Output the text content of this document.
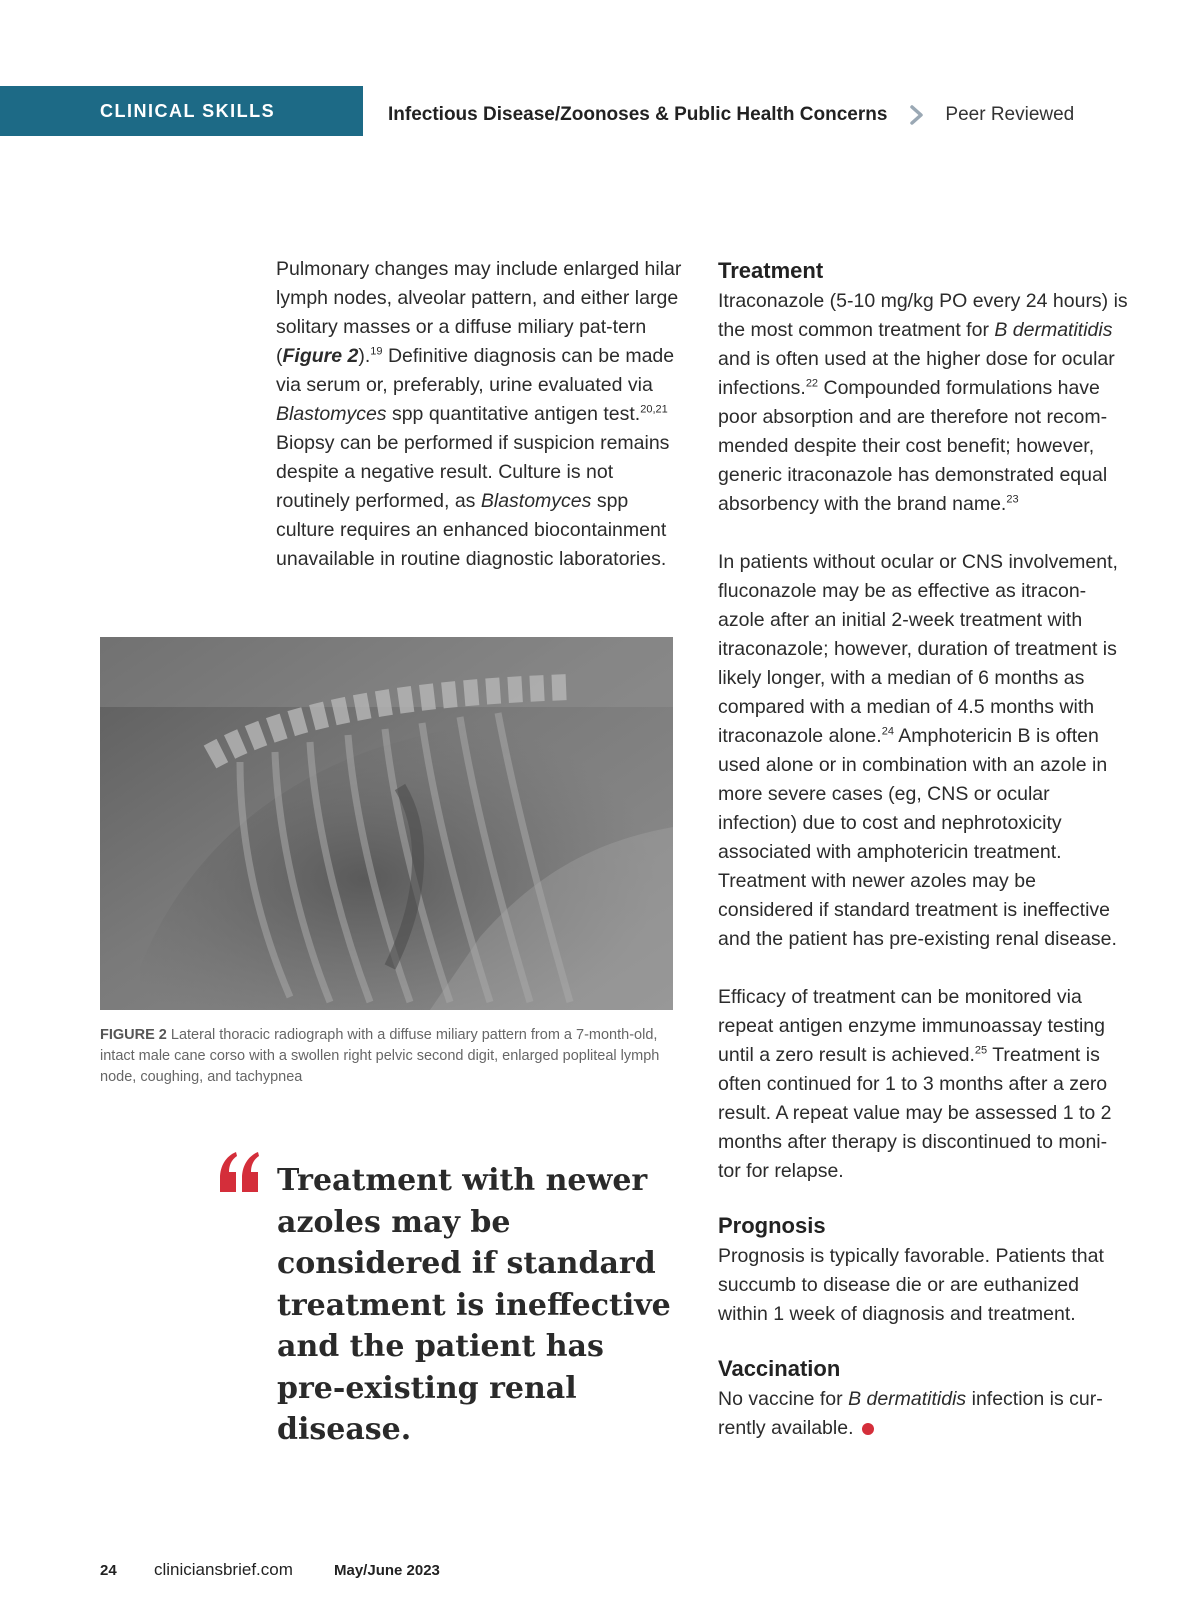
CLINICAL SKILLS	Infectious Disease/Zoonoses & Public Health Concerns	Peer Reviewed

Pulmonary changes may include enlarged hilar lymph nodes, alveolar pattern, and either large solitary masses or a diffuse miliary pat-tern (Figure 2).$^{19}$ Definitive diagnosis can be made via serum or, preferably, urine evaluated via Blastomyces spp quantitative antigen test.$^{20,21}$ Biopsy can be performed if suspicion remains despite a negative result. Culture is not routinely performed, as Blastomyces spp culture requires an enhanced biocontainment unavailable in routine diagnostic laboratories.

FIGURE 2 Lateral thoracic radiograph with a diffuse miliary pattern from a 7-month-old, intact male cane corso with a swollen right pelvic second digit, enlarged popliteal lymph node, coughing, and tachypnea

Treatment with newer azoles may be considered if standard treatment is ineffective and the patient has pre-existing renal disease.

Treatment

Itraconazole (5-10 mg/kg PO every 24 hours) is the most common treatment for B dermatitidis and is often used at the higher dose for ocular infections.$^{22}$ Compounded formulations have poor absorption and are therefore not recom-mended despite their cost benefit; however, generic itraconazole has demonstrated equal absorbency with the brand name.$^{23}$

In patients without ocular or CNS involvement, fluconazole may be as effective as itracon-azole after an initial 2-week treatment with itraconazole; however, duration of treatment is likely longer, with a median of 6 months as compared with a median of 4.5 months with itraconazole alone.$^{24}$ Amphotericin B is often used alone or in combination with an azole in more severe cases (eg, CNS or ocular infection) due to cost and nephrotoxicity associated with amphotericin treatment. Treatment with newer azoles may be considered if standard treatment is ineffective and the patient has pre-existing renal disease.

Efficacy of treatment can be monitored via repeat antigen enzyme immunoassay testing until a zero result is achieved.$^{25}$ Treatment is often continued for 1 to 3 months after a zero result. A repeat value may be assessed 1 to 2 months after therapy is discontinued to moni-tor for relapse.

Prognosis

Prognosis is typically favorable. Patients that succumb to disease die or are euthanized within 1 week of diagnosis and treatment.

Vaccination

No vaccine for B dermatitidis infection is cur-rently available.

24	cliniciansbrief.com	May/June 2023
